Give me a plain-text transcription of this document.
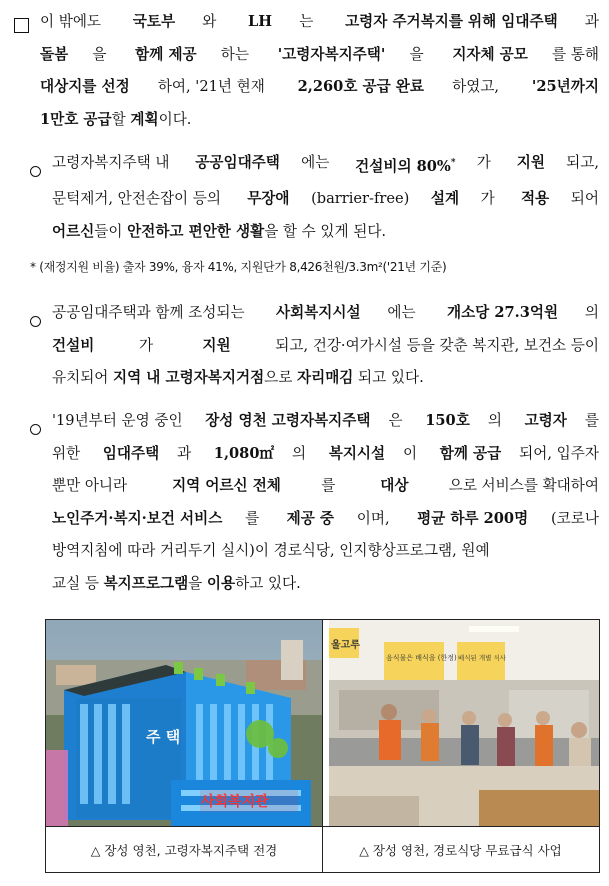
이 밖에도 국토부 와 LH 는 고령자 주거복지를 위해 임대주택 과
돌봄 을 함께 제공 하는 '고령자복지주택' 을 지자체 공모 를 통해
대상지를 선정 하여, '21년 현재 2,260호 공급 완료 하였고, '25년까지
1만호 공급 할 계획 이다.
고령자복지주택 내 공공임대주택 에는 건설비의 80%* 가 지원 되고,
문턱제거, 안전손잡이 등의 무장애 (barrier-free) 설계 가 적용 되어
어르신 들이 안전하고 편안한 생활 을 할 수 있게 된다.
* (재정지원 비율) 출자 39%, 융자 41%, 지원단가 8,426천원/3.3m²('21년 기준)
공공임대주택과 함께 조성되는 사회복지시설 에는 개소당 27.3억원 의
건설비	가	지원	되고, 건강·여가시설 등을 갖춘 복지관, 보건소 등이
유치되어 지역 내 고령자복지거점 으로 자리매김 되고 있다.
'19년부터 운영 중인 장성 영천 고령자복지주택 은 150호 의 고령자 를
위한 임대주택 과 1,080㎡ 의 복지시설 이 함께 공급 되어, 입주자
뿐만 아니라	지역 어르신 전체	를	대상	으로 서비스를 확대하여
노인주거·복지·보건 서비스 를 제공 중 이며, 평균 하루 200명 (코로나
방역지침에 따라 거리두기 실시)이 경로식당, 인지향상프로그램, 원예
교실 등 복지프로그램 을 이용 하고 있다.
주 택
사회복지관
△ 장성 영천, 고령자복지주택 전경
울고루
음식물은 배식을 (한정) 배식된 개별 식사
△ 장성 영천, 경로식당 무료급식 사업
